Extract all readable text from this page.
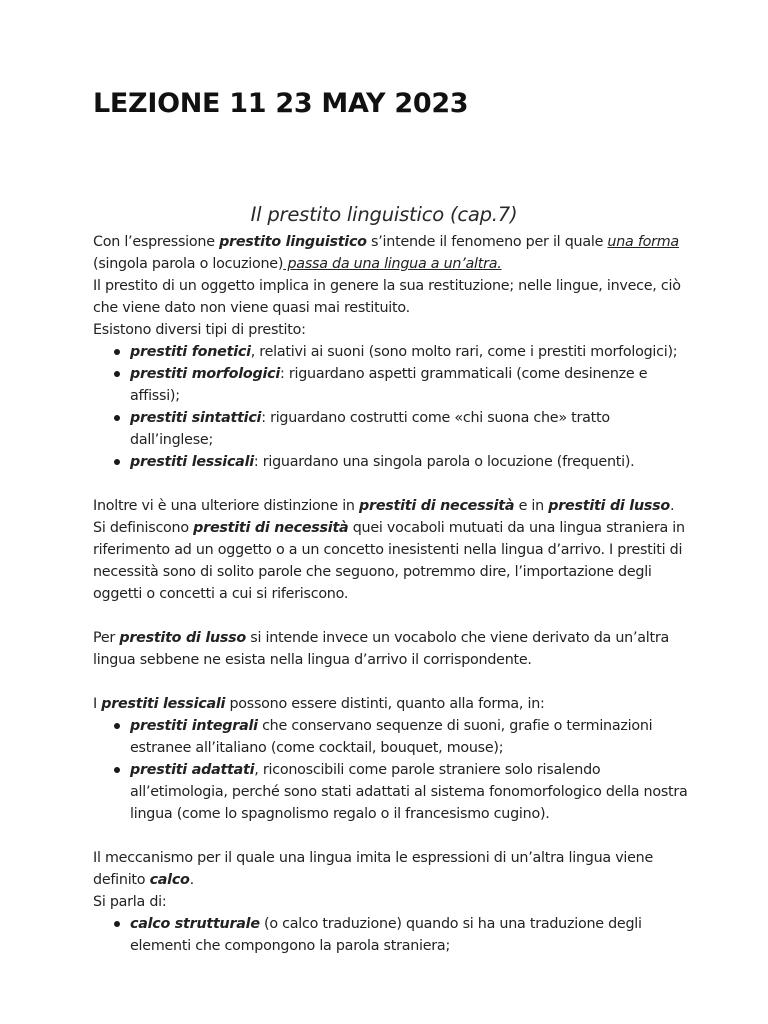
LEZIONE 11 23 MAY 2023
Il prestito linguistico (cap.7)

Con l’espressione prestito linguistico s’intende il fenomeno per il quale una forma (singola parola o locuzione) passa da una lingua a un’altra.

Il prestito di un oggetto implica in genere la sua restituzione; nelle lingue, invece, ciò che viene dato non viene quasi mai restituito.

Esistono diversi tipi di prestito:

prestiti fonetici, relativi ai suoni (sono molto rari, come i prestiti morfologici);
prestiti morfologici: riguardano aspetti grammaticali (come desinenze e affissi);
prestiti sintattici: riguardano costrutti come «chi suona che» tratto dall’inglese;
prestiti lessicali: riguardano una singola parola o locuzione (frequenti).

Inoltre vi è una ulteriore distinzione in prestiti di necessità e in prestiti di lusso.

Si definiscono prestiti di necessità quei vocaboli mutuati da una lingua straniera in riferimento ad un oggetto o a un concetto inesistenti nella lingua d’arrivo. I prestiti di necessità sono di solito parole che seguono, potremmo dire, l’importazione degli oggetti o concetti a cui si riferiscono.

Per prestito di lusso si intende invece un vocabolo che viene derivato da un’altra lingua sebbene ne esista nella lingua d’arrivo il corrispondente.

I prestiti lessicali possono essere distinti, quanto alla forma, in:

prestiti integrali che conservano sequenze di suoni, grafie o terminazioni estranee all’italiano (come cocktail, bouquet, mouse);
prestiti adattati, riconoscibili come parole straniere solo risalendo all’etimologia, perché sono stati adattati al sistema fonomorfologico della nostra lingua (come lo spagnolismo regalo o il francesismo cugino).

Il meccanismo per il quale una lingua imita le espressioni di un’altra lingua viene definito calco.

Si parla di:

calco strutturale (o calco traduzione) quando si ha una traduzione degli elementi che compongono la parola straniera;
